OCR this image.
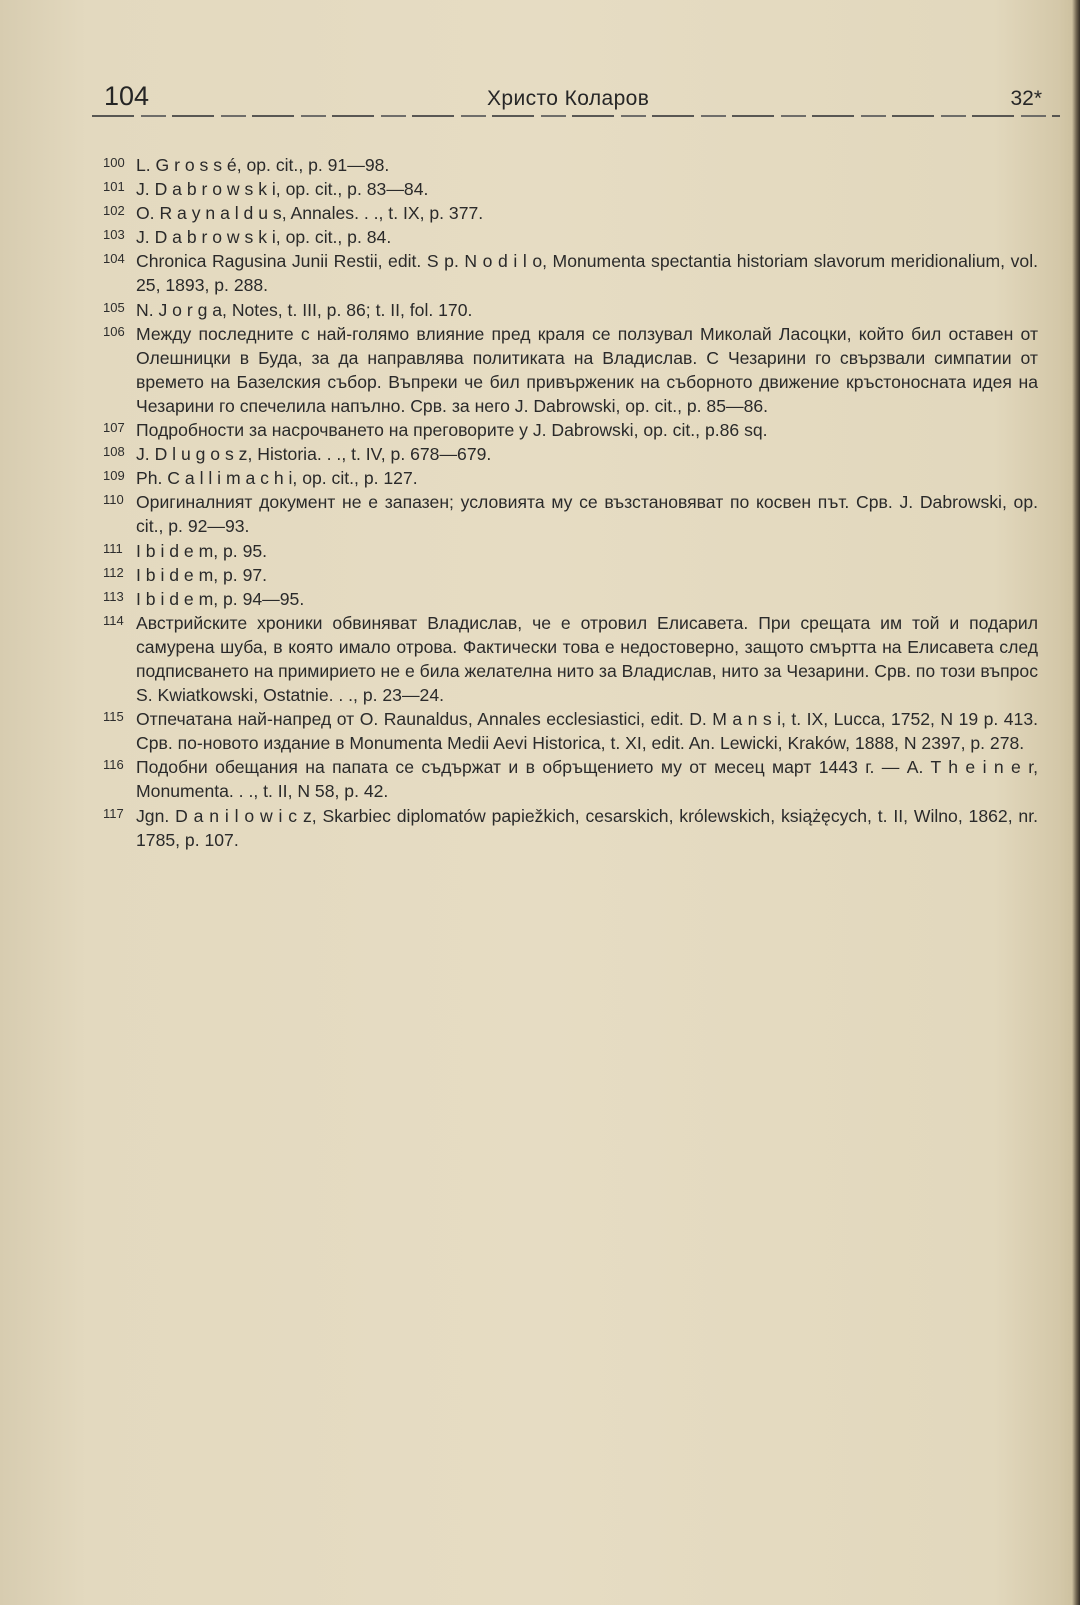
104	Христо Коларов	32*
100 L. G r o s s é, op. cit., p. 91—98.
101 J. D a b r o w s k i, op. cit., p. 83—84.
102 O. R a y n a l d u s, Annales. . ., t. IX, p. 377.
103 J. D a b r o w s k i, op. cit., p. 84.
104 Chronica Ragusina Junii Restii, edit. S p. N o d i l o, Monumenta spectantia historiam slavorum meridionalium, vol. 25, 1893, p. 288.
105 N. J o r g a, Notes, t. III, p. 86; t. II, fol. 170.
106 Между последните с най-голямо влияние пред краля се ползувал Миколай Ласоцки, който бил оставен от Олешницки в Буда, за да направлява политиката на Владислав. С Чезарини го свързвали симпатии от времето на Базелския събор. Въпреки че бил привърженик на съборното движение кръстоносната идея на Чезарини го спечелила напълно. Срв. за него J. Dabrowski, op. cit., p. 85—86.
107 Подробности за насрочването на преговорите у J. Dabrowski, op. cit., p.86 sq.
108 J. D l u g o s z, Historia. . ., t. IV, p. 678—679.
109 Ph. C a l l i m a c h i, op. cit., p. 127.
110 Оригиналният документ не е запазен; условията му се възстановяват по косвен път. Срв. J. Dabrowski, op. cit., p. 92—93.
111 I b i d e m, p. 95.
112 I b i d e m, p. 97.
113 I b i d e m, p. 94—95.
114 Австрийските хроники обвиняват Владислав, че е отровил Елисавета. При срещата им той и подарил самурена шуба, в която имало отрова. Фактически това е недостоверно, защото смъртта на Елисавета след подписването на примирието не е била желателна нито за Владислав, нито за Чезарини. Срв. по този въпрос S. Kwiatkowski, Ostatnie. . ., p. 23—24.
115 Отпечатана най-напред от O. Raunaldus, Annales ecclesiastici, edit. D. M a n s i, t. IX, Lucca, 1752, N 19 p. 413. Срв. по-новото издание в Monumenta Medii Aevi Historica, t. XI, edit. An. Lewicki, Kraków, 1888, N 2397, p. 278.
116 Подобни обещания на папата се съдържат и в обръщението му от месец март 1443 г. — A. T h e i n e r, Monumenta. . ., t. II, N 58, p. 42.
117 Jgn. D a n i l o w i c z, Skarbiec diplomatów papiežkich, cesarskich, królewskich, książęcych, t. II, Wilno, 1862, nr. 1785, p. 107.
